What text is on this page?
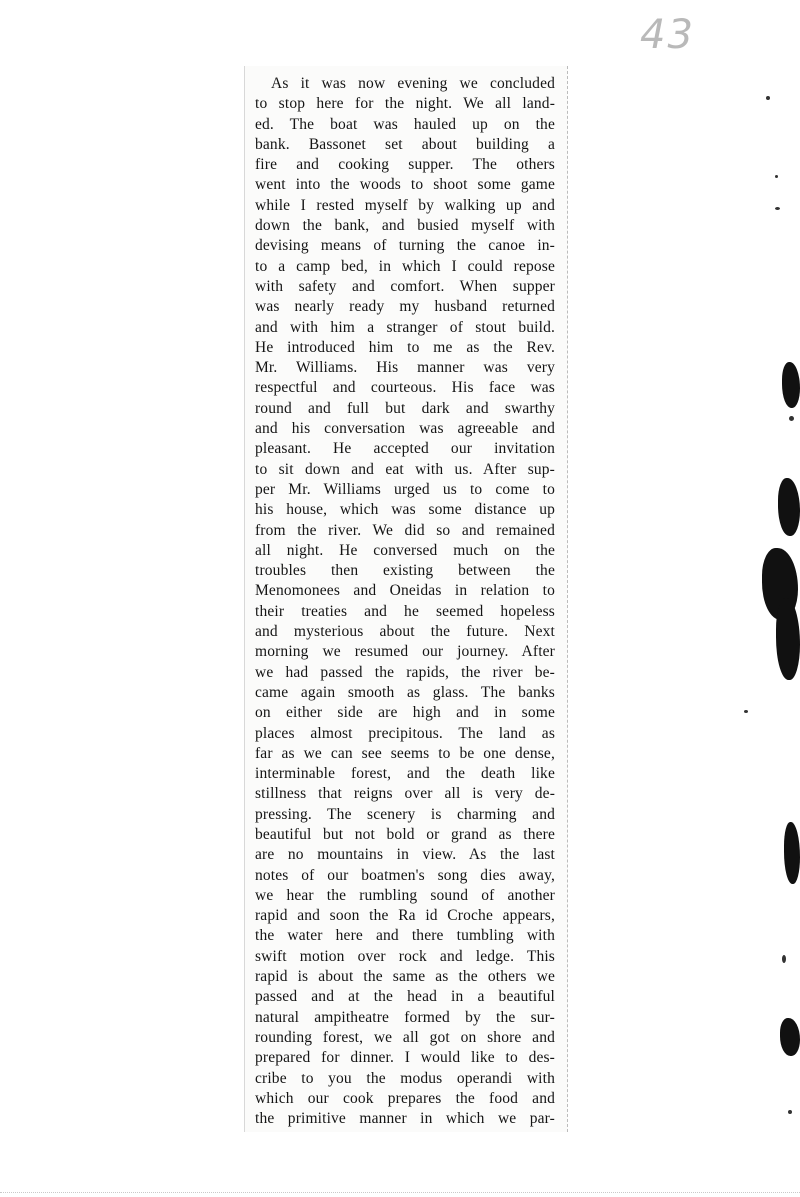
43
As it was now evening we concluded
to stop here for the night. We all land-
ed. The boat was hauled up on the
bank. Bassonet set about building a
fire and cooking supper. The others
went into the woods to shoot some game
while I rested myself by walking up and
down the bank, and busied myself with
devising means of turning the canoe in-
to a camp bed, in which I could repose
with safety and comfort. When supper
was nearly ready my husband returned
and with him a stranger of stout build.
He introduced him to me as the Rev.
Mr. Williams. His manner was very
respectful and courteous. His face was
round and full but dark and swarthy
and his conversation was agreeable and
pleasant. He accepted our invitation
to sit down and eat with us. After sup-
per Mr. Williams urged us to come to
his house, which was some distance up
from the river. We did so and remained
all night. He conversed much on the
troubles then existing between the
Menomonees and Oneidas in relation to
their treaties and he seemed hopeless
and mysterious about the future. Next
morning we resumed our journey. After
we had passed the rapids, the river be-
came again smooth as glass. The banks
on either side are high and in some
places almost precipitous. The land as
far as we can see seems to be one dense,
interminable forest, and the death like
stillness that reigns over all is very de-
pressing. The scenery is charming and
beautiful but not bold or grand as there
are no mountains in view. As the last
notes of our boatmen's song dies away,
we hear the rumbling sound of another
rapid and soon the Ra id Croche appears,
the water here and there tumbling with
swift motion over rock and ledge. This
rapid is about the same as the others we
passed and at the head in a beautiful
natural ampitheatre formed by the sur-
rounding forest, we all got on shore and
prepared for dinner. I would like to des-
cribe to you the modus operandi with
which our cook prepares the food and
the primitive manner in which we par-
